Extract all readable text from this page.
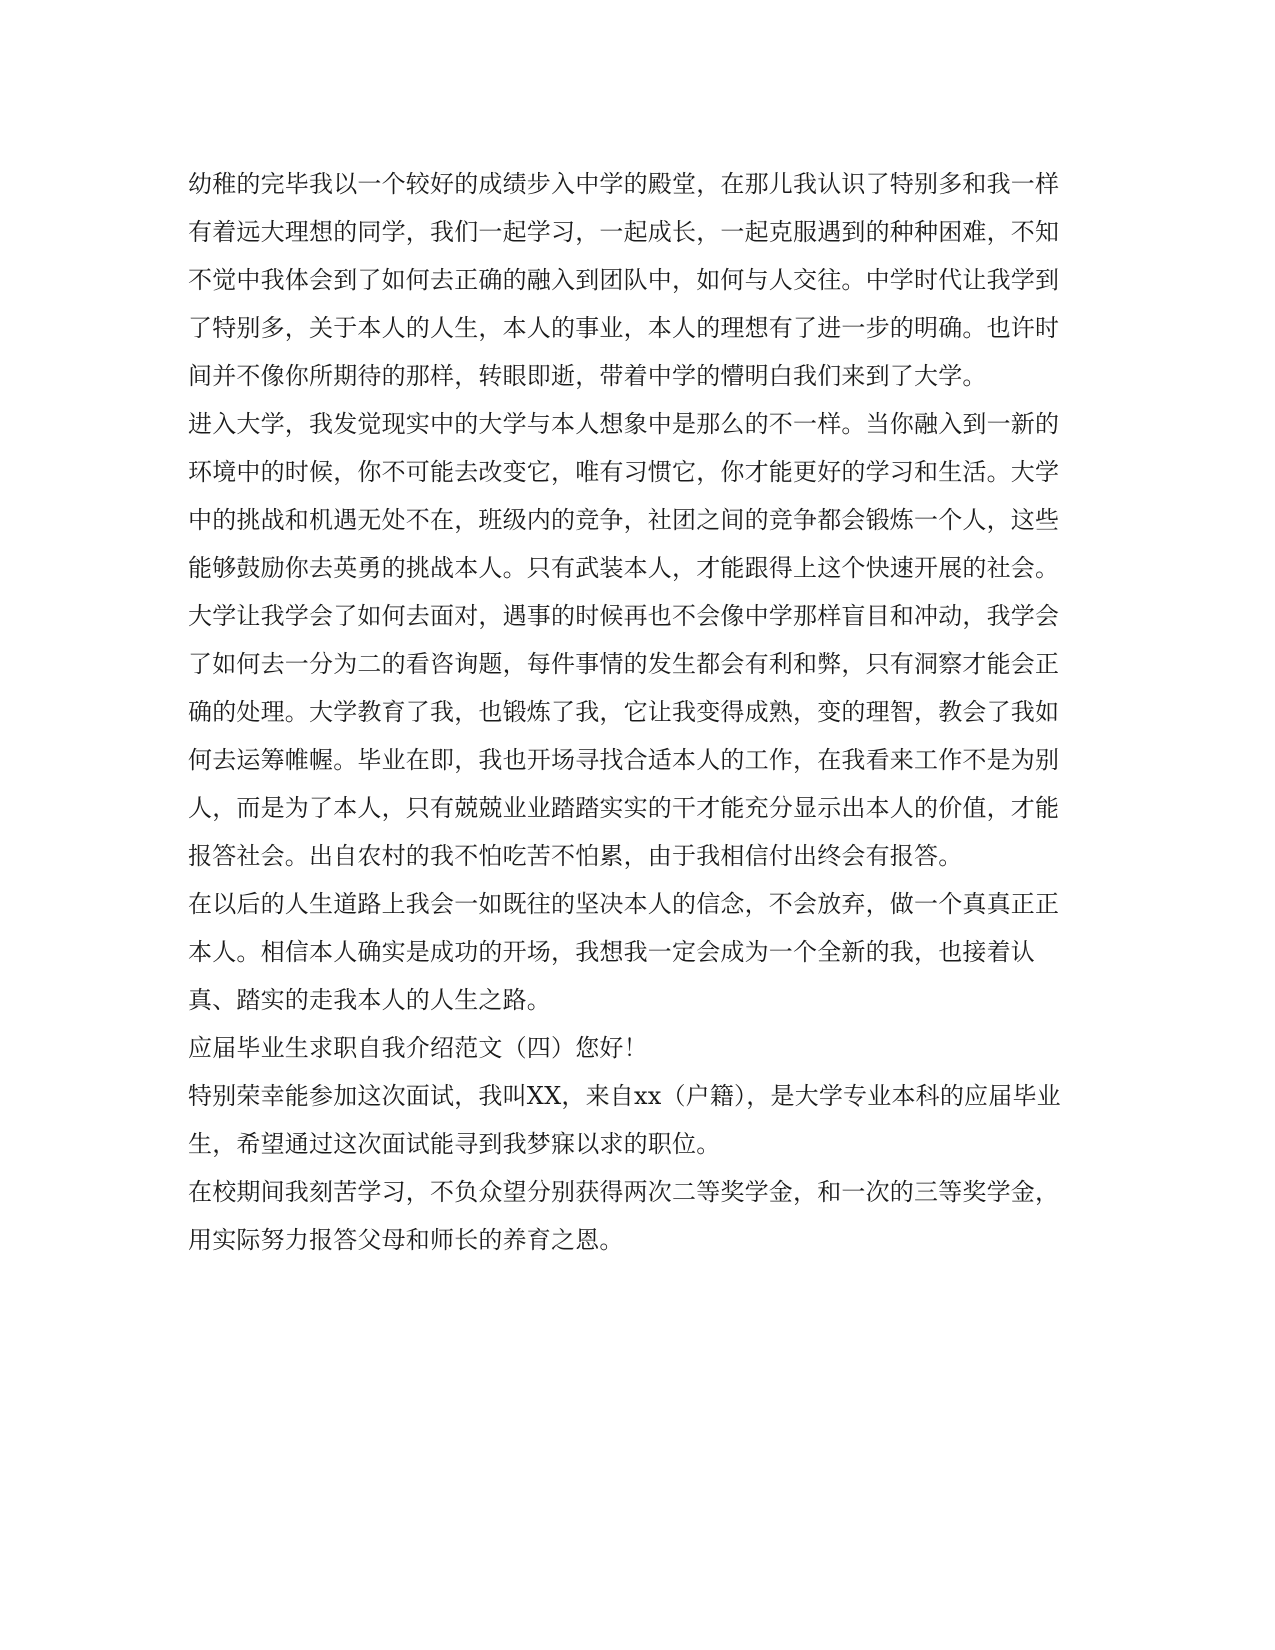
幼稚的完毕我以一个较好的成绩步入中学的殿堂，在那儿我认识了特别多和我一样有着远大理想的同学，我们一起学习，一起成长，一起克服遇到的种种困难，不知不觉中我体会到了如何去正确的融入到团队中，如何与人交往。中学时代让我学到了特别多，关于本人的人生，本人的事业，本人的理想有了进一步的明确。也许时间并不像你所期待的那样，转眼即逝，带着中学的懵明白我们来到了大学。

进入大学，我发觉现实中的大学与本人想象中是那么的不一样。当你融入到一新的环境中的时候，你不可能去改变它，唯有习惯它，你才能更好的学习和生活。大学中的挑战和机遇无处不在，班级内的竞争，社团之间的竞争都会锻炼一个人，这些能够鼓励你去英勇的挑战本人。只有武装本人，才能跟得上这个快速开展的社会。

大学让我学会了如何去面对，遇事的时候再也不会像中学那样盲目和冲动，我学会了如何去一分为二的看咨询题，每件事情的发生都会有利和弊，只有洞察才能会正确的处理。大学教育了我，也锻炼了我，它让我变得成熟，变的理智，教会了我如何去运筹帷幄。毕业在即，我也开场寻找合适本人的工作，在我看来工作不是为别人，而是为了本人，只有兢兢业业踏踏实实的干才能充分显示出本人的价值，才能报答社会。出自农村的我不怕吃苦不怕累，由于我相信付出终会有报答。

在以后的人生道路上我会一如既往的坚决本人的信念，不会放弃，做一个真真正正本人。相信本人确实是成功的开场，我想我一定会成为一个全新的我，也接着认真、踏实的走我本人的人生之路。

应届毕业生求职自我介绍范文（四）您好！

特别荣幸能参加这次面试，我叫XX，来自xx（户籍），是大学专业本科的应届毕业生，希望通过这次面试能寻到我梦寐以求的职位。

在校期间我刻苦学习，不负众望分别获得两次二等奖学金，和一次的三等奖学金，用实际努力报答父母和师长的养育之恩。
